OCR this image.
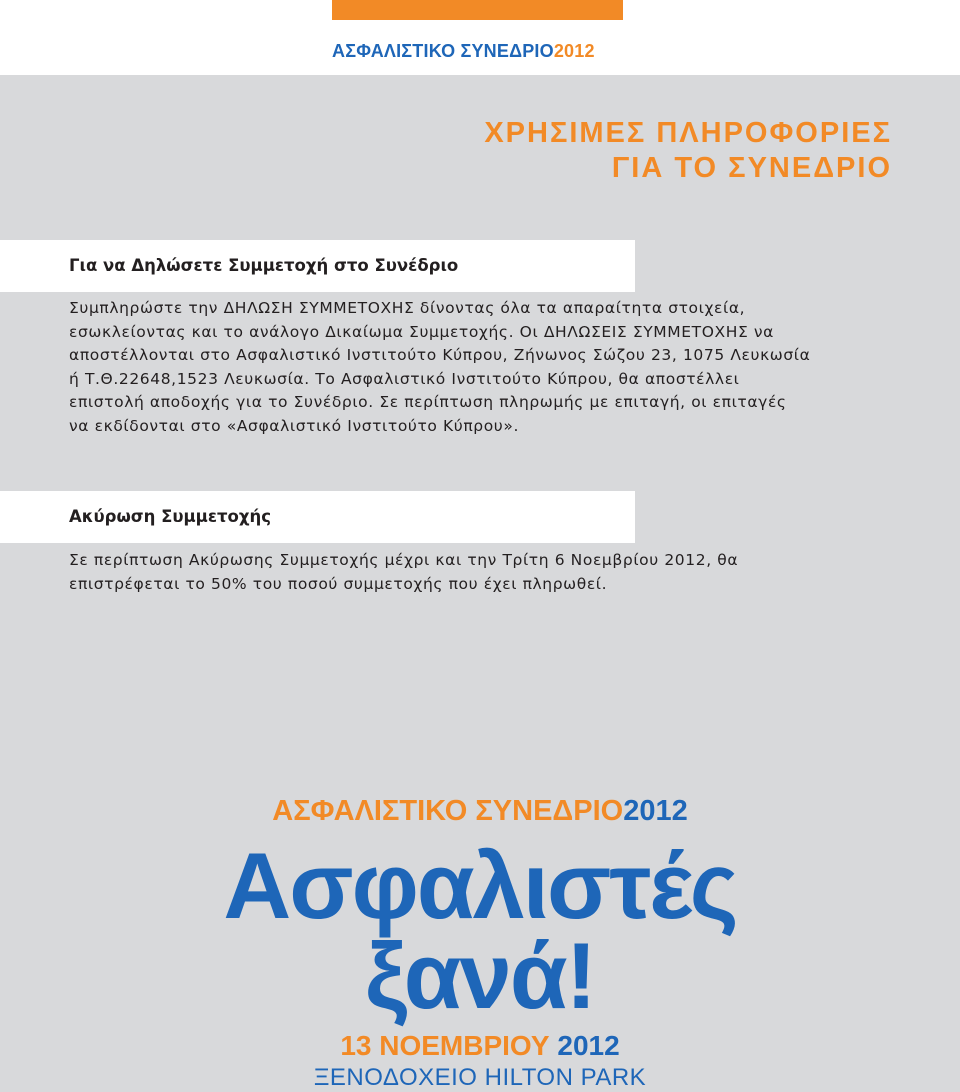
ΑΣΦΑΛΙΣΤΙΚΟ ΣΥΝΕΔΡΙΟ2012
ΧΡΗΣΙΜΕΣ ΠΛΗΡΟΦΟΡΙΕΣ
ΓΙΑ ΤΟ ΣΥΝΕΔΡΙΟ
Για να Δηλώσετε Συμμετοχή στο Συνέδριο
Συμπληρώστε την ΔΗΛΩΣΗ ΣΥΜΜΕΤΟΧΗΣ δίνοντας όλα τα απαραίτητα στοιχεία,
εσωκλείοντας και το ανάλογο Δικαίωμα Συμμετοχής. Οι ΔΗΛΩΣΕΙΣ ΣΥΜΜΕΤΟΧΗΣ να
αποστέλλονται στο Ασφαλιστικό Ινστιτούτο Κύπρου, Ζήνωνος Σώζου 23, 1075 Λευκωσία
ή Τ.Θ.22648,1523 Λευκωσία. Το Ασφαλιστικό Ινστιτούτο Κύπρου, θα αποστέλλει
επιστολή αποδοχής για το Συνέδριο. Σε περίπτωση πληρωμής με επιταγή, οι επιταγές
να εκδίδονται στο «Ασφαλιστικό Ινστιτούτο Κύπρου».
Ακύρωση Συμμετοχής
Σε περίπτωση Ακύρωσης Συμμετοχής μέχρι και την Τρίτη 6 Νοεμβρίου 2012, θα
επιστρέφεται το 50% του ποσού συμμετοχής που έχει πληρωθεί.
ΑΣΦΑΛΙΣΤΙΚΟ ΣΥΝΕΔΡΙΟ2012
Ασφαλιστές
ξανά!
13 ΝΟΕΜΒΡΙΟΥ 2012
ΞΕΝΟΔΟΧΕΙΟ HILTON PARK
